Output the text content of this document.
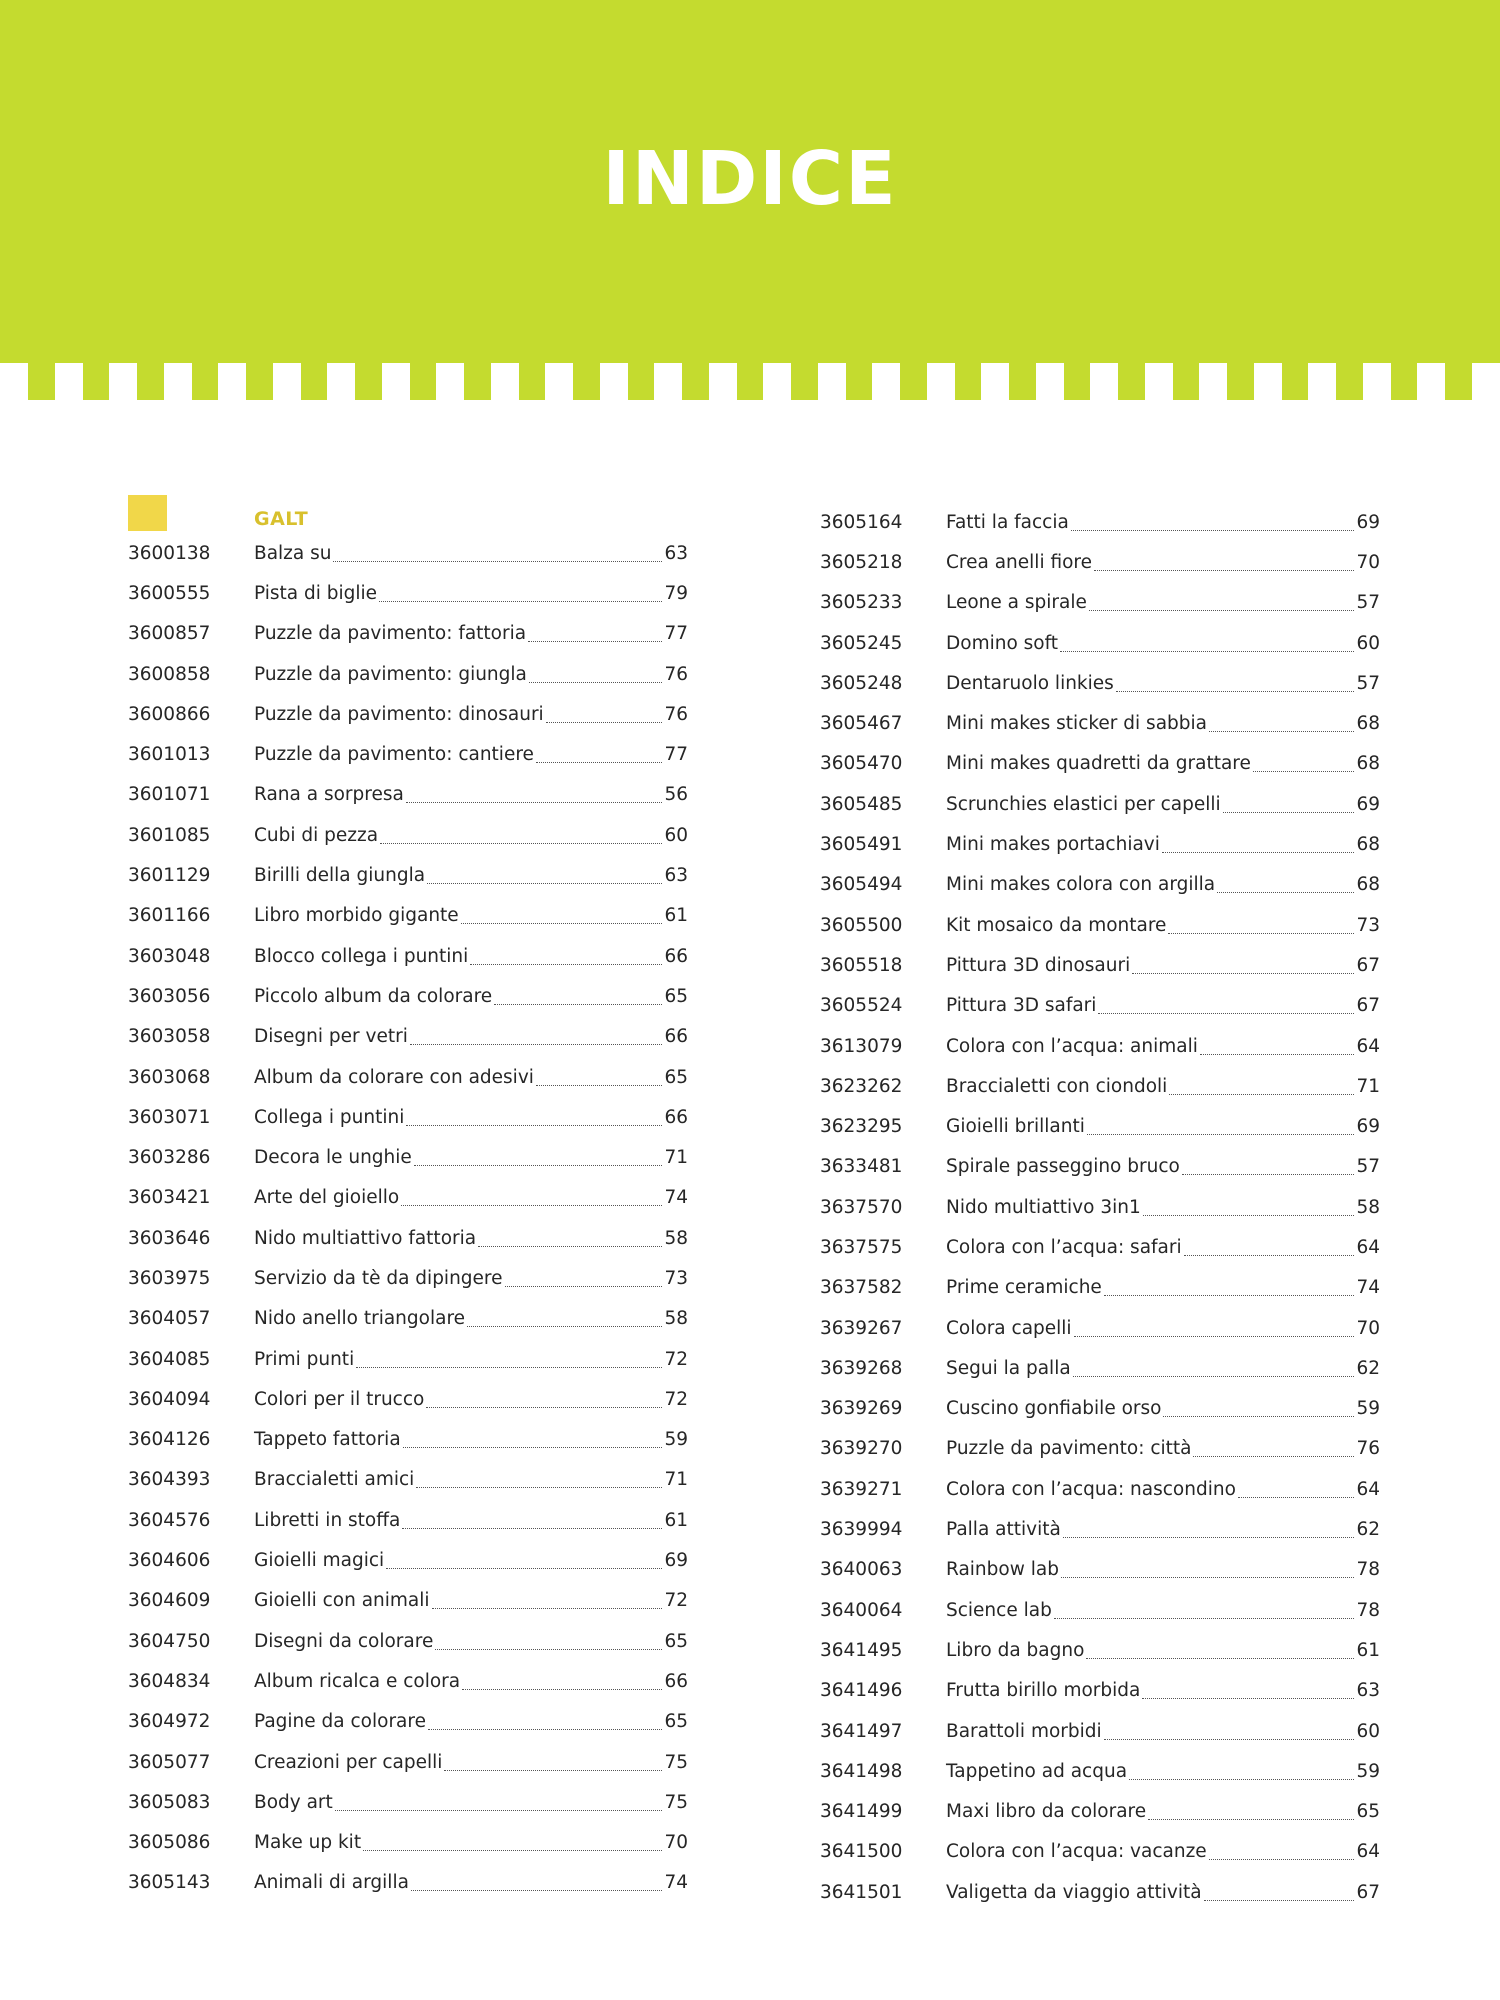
INDICE
GALT
3600138	Balza su	63
3600555	Pista di biglie	79
3600857	Puzzle da pavimento: fattoria	77
3600858	Puzzle da pavimento: giungla	76
3600866	Puzzle da pavimento: dinosauri	76
3601013	Puzzle da pavimento: cantiere	77
3601071	Rana a sorpresa	56
3601085	Cubi di pezza	60
3601129	Birilli della giungla	63
3601166	Libro morbido gigante	61
3603048	Blocco collega i puntini	66
3603056	Piccolo album da colorare	65
3603058	Disegni per vetri	66
3603068	Album da colorare con adesivi	65
3603071	Collega i puntini	66
3603286	Decora le unghie	71
3603421	Arte del gioiello	74
3603646	Nido multiattivo fattoria	58
3603975	Servizio da tè da dipingere	73
3604057	Nido anello triangolare	58
3604085	Primi punti	72
3604094	Colori per il trucco	72
3604126	Tappeto fattoria	59
3604393	Braccialetti amici	71
3604576	Libretti in stoffa	61
3604606	Gioielli magici	69
3604609	Gioielli con animali	72
3604750	Disegni da colorare	65
3604834	Album ricalca e colora	66
3604972	Pagine da colorare	65
3605077	Creazioni per capelli	75
3605083	Body art	75
3605086	Make up kit	70
3605143	Animali di argilla	74
3605164	Fatti la faccia	69
3605218	Crea anelli fiore	70
3605233	Leone a spirale	57
3605245	Domino soft	60
3605248	Dentaruolo linkies	57
3605467	Mini makes sticker di sabbia	68
3605470	Mini makes quadretti da grattare	68
3605485	Scrunchies elastici per capelli	69
3605491	Mini makes portachiavi	68
3605494	Mini makes colora con argilla	68
3605500	Kit mosaico da montare	73
3605518	Pittura 3D dinosauri	67
3605524	Pittura 3D safari	67
3613079	Colora con l’acqua: animali	64
3623262	Braccialetti con ciondoli	71
3623295	Gioielli brillanti	69
3633481	Spirale passeggino bruco	57
3637570	Nido multiattivo 3in1	58
3637575	Colora con l’acqua: safari	64
3637582	Prime ceramiche	74
3639267	Colora capelli	70
3639268	Segui la palla	62
3639269	Cuscino gonfiabile orso	59
3639270	Puzzle da pavimento: città	76
3639271	Colora con l’acqua: nascondino	64
3639994	Palla attività	62
3640063	Rainbow lab	78
3640064	Science lab	78
3641495	Libro da bagno	61
3641496	Frutta birillo morbida	63
3641497	Barattoli morbidi	60
3641498	Tappetino ad acqua	59
3641499	Maxi libro da colorare	65
3641500	Colora con l’acqua: vacanze	64
3641501	Valigetta da viaggio attività	67
